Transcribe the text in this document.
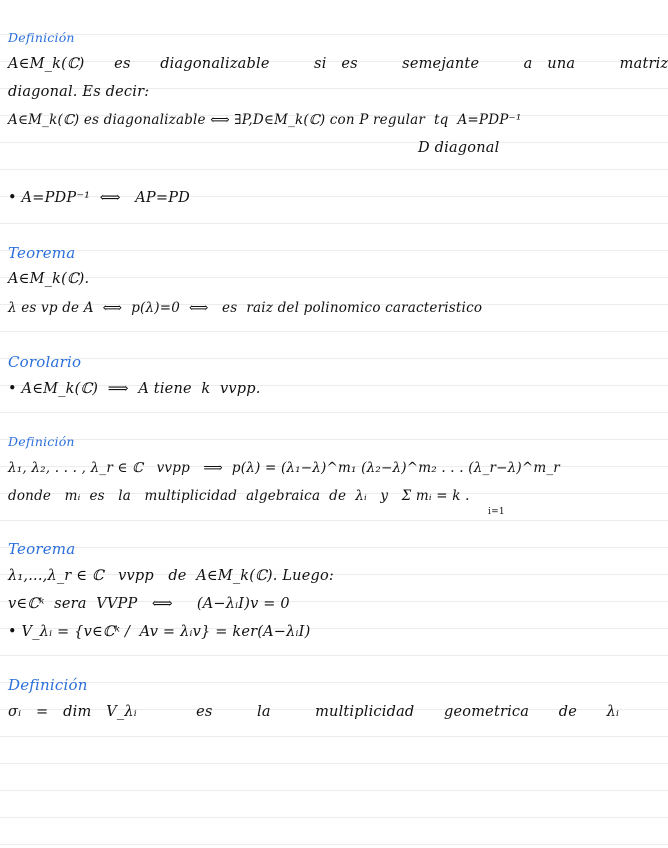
Definición
A∈M_k(ℂ)  es  diagonalizable   si es   semejante   a una   matriz
diagonal. Es decir:
A∈M_k(ℂ) es diagonalizable ⟺ ∃P,D∈M_k(ℂ) con P regular  tq  A=PDP⁻¹
D diagonal
• A=PDP⁻¹  ⟺   AP=PD
Teorema
A∈M_k(ℂ).
λ es vp de A  ⟺  p(λ)=0  ⟺   es  raiz del polinomico caracteristico
Corolario
• A∈M_k(ℂ)  ⟹  A tiene  k  vvpp.
Definición
λ₁, λ₂, . . . , λ_r ∈ ℂ   vvpp   ⟹  p(λ) = (λ₁−λ)^m₁ (λ₂−λ)^m₂ . . . (λ_r−λ)^m_r
donde   mᵢ  es   la   multiplicidad  algebraica  de  λᵢ   y   Σ mᵢ = k .
i=1
Teorema
λ₁,...,λ_r ∈ ℂ   vvpp   de  A∈M_k(ℂ). Luego:
v∈ℂᵏ  sera  VVPP   ⟺     (A−λᵢI)v = 0
• V_λᵢ = {v∈ℂᵏ /  Av = λᵢv} = ker(A−λᵢI)
Definición
σᵢ = dim V_λᵢ    es   la   multiplicidad  geometrica  de  λᵢ
